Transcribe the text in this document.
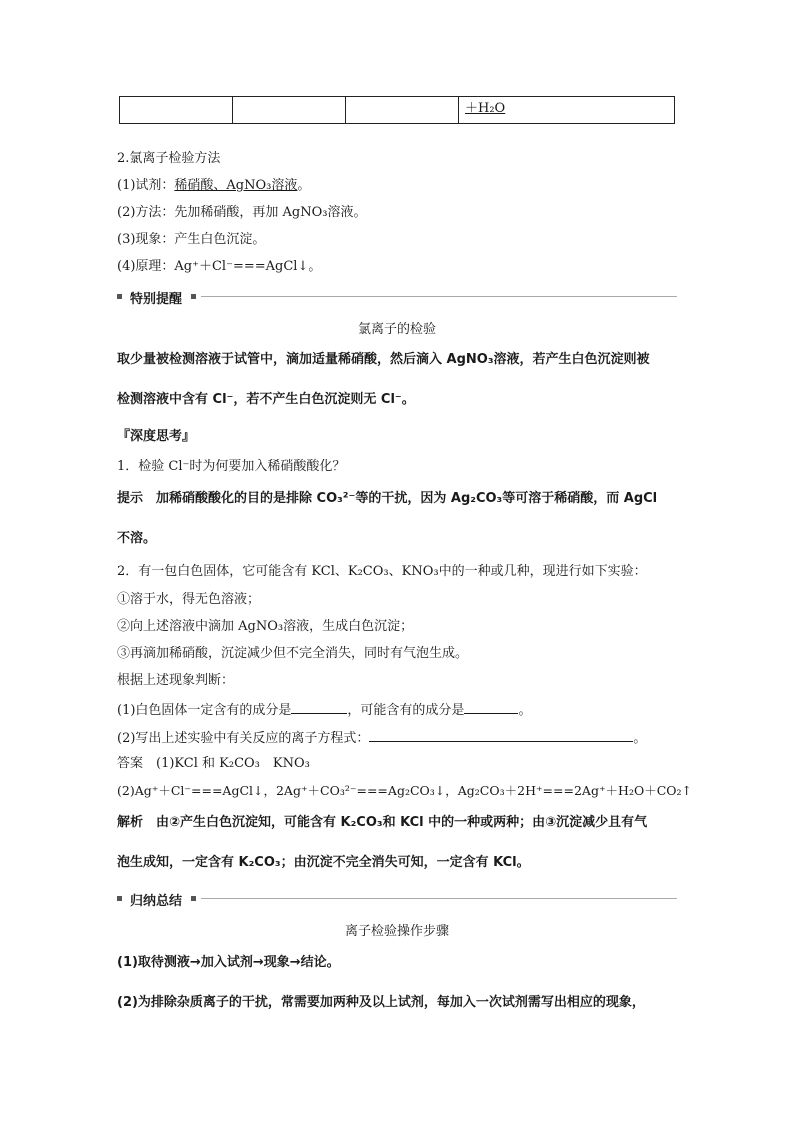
			＋H₂O
2.氯离子检验方法
(1)试剂：稀硝酸、AgNO₃溶液。
(2)方法：先加稀硝酸，再加 AgNO₃溶液。
(3)现象：产生白色沉淀。
(4)原理：Ag⁺＋Cl⁻===AgCl↓。
特别提醒
氯离子的检验
取少量被检测溶液于试管中，滴加适量稀硝酸，然后滴入 AgNO₃溶液，若产生白色沉淀则被
检测溶液中含有 Cl⁻，若不产生白色沉淀则无 Cl⁻。
『深度思考』
1．检验 Cl⁻时为何要加入稀硝酸酸化？
提示　加稀硝酸酸化的目的是排除 CO₃²⁻等的干扰，因为 Ag₂CO₃等可溶于稀硝酸，而 AgCl
不溶。
2．有一包白色固体，它可能含有 KCl、K₂CO₃、KNO₃中的一种或几种，现进行如下实验：
①溶于水，得无色溶液；
②向上述溶液中滴加 AgNO₃溶液，生成白色沉淀；
③再滴加稀硝酸，沉淀减少但不完全消失，同时有气泡生成。
根据上述现象判断：
(1)白色固体一定含有的成分是	，可能含有的成分是	。
(2)写出上述实验中有关反应的离子方程式：	。
答案　(1)KCl 和 K₂CO₃　KNO₃
(2)Ag⁺＋Cl⁻===AgCl↓，2Ag⁺＋CO₃²⁻===Ag₂CO₃↓，Ag₂CO₃＋2H⁺===2Ag⁺＋H₂O＋CO₂↑
解析　由②产生白色沉淀知，可能含有 K₂CO₃和 KCl 中的一种或两种；由③沉淀减少且有气
泡生成知，一定含有 K₂CO₃；由沉淀不完全消失可知，一定含有 KCl。
归纳总结
离子检验操作步骤
(1)取待测液→加入试剂→现象→结论。
(2)为排除杂质离子的干扰，常需要加两种及以上试剂，每加入一次试剂需写出相应的现象，
